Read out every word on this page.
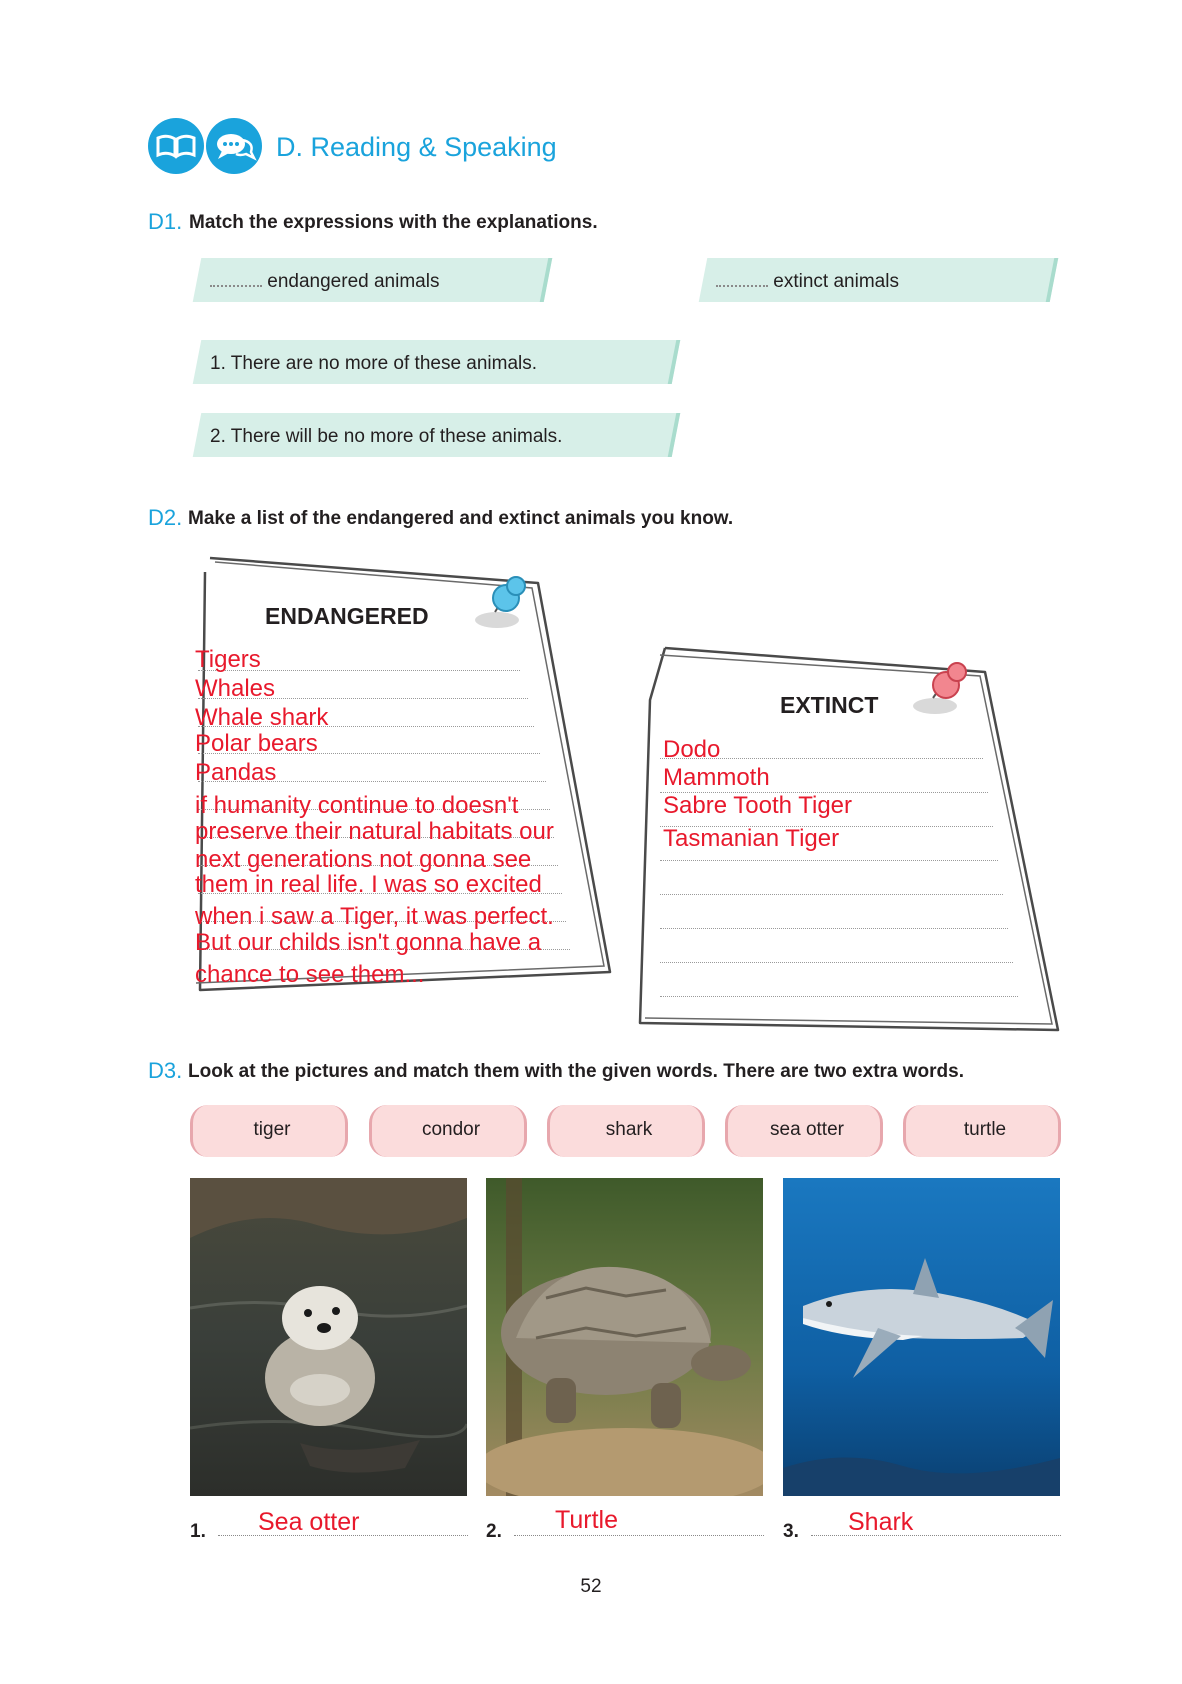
D. Reading & Speaking
D1. Match the expressions with the explanations.
endangered animals	extinct animals
1. There are no more of these animals.
2. There will be no more of these animals.
D2. Make a list of the endangered and extinct animals you know.
ENDANGERED
EXTINCT
Tigers
Whales
Whale shark
Polar bears
Pandas
if humanity continue to doesn't
preserve their natural habitats our
next generations not gonna see
them in real life. I was so excited
when i saw a Tiger, it was perfect.
But our childs isn't gonna have a
chance to see them...
Dodo
Mammoth
Sabre Tooth Tiger
Tasmanian Tiger
D3. Look at the pictures and match them with the given words. There are two extra words.
tiger	condor	shark	sea otter	turtle
1. Sea otter	2. Turtle	3. Shark
52
